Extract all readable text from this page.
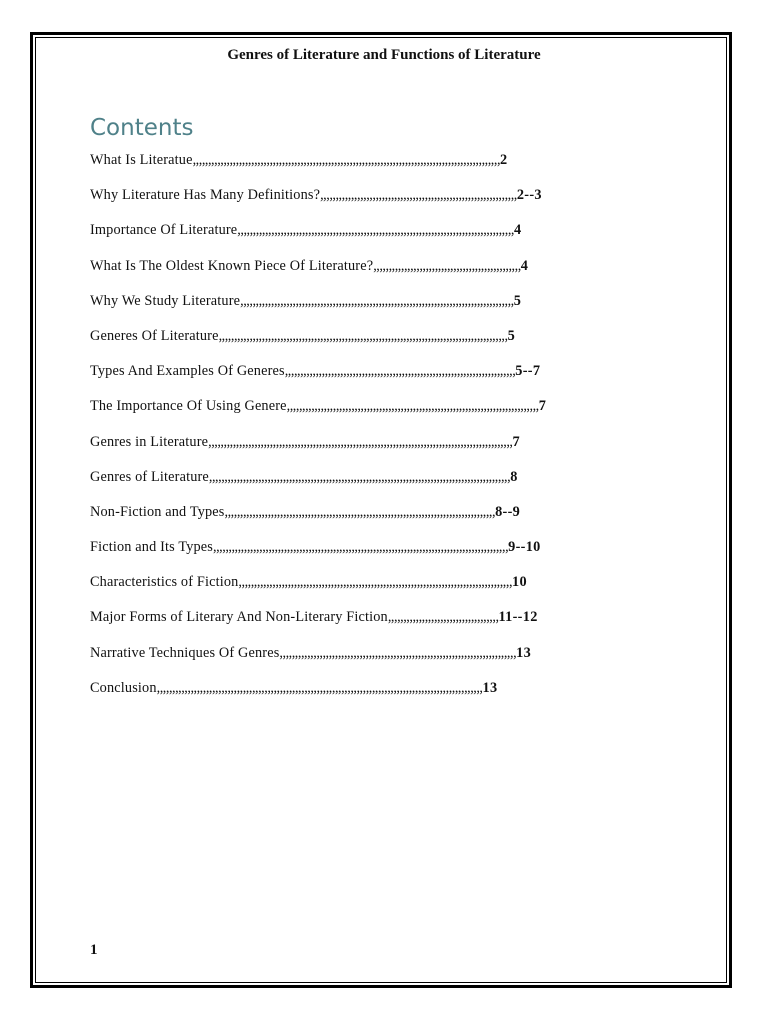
Genres of Literature and Functions of Literature
Contents
What Is Literatue,,,,,,,,,,,,,,,,,,,,,,,,,,,,,,,,,,,,,,,,,,,,,,,,,,,,,,,,,,,,,,,,,,,,,,,,,,,,,,,,,,,,,,,,,,,,,,,,,,,,2
Why Literature Has Many Definitions?,,,,,,,,,,,,,,,,,,,,,,,,,,,,,,,,,,,,,,,,,,,,,,,,,,,,,,,,,,,,,,,,2--3
Importance Of Literature,,,,,,,,,,,,,,,,,,,,,,,,,,,,,,,,,,,,,,,,,,,,,,,,,,,,,,,,,,,,,,,,,,,,,,,,,,,,,,,,,,,,,,,,,,4
What Is The Oldest Known Piece Of Literature?,,,,,,,,,,,,,,,,,,,,,,,,,,,,,,,,,,,,,,,,,,,,,,,,4
Why We Study Literature,,,,,,,,,,,,,,,,,,,,,,,,,,,,,,,,,,,,,,,,,,,,,,,,,,,,,,,,,,,,,,,,,,,,,,,,,,,,,,,,,,,,,,,,,5
Generes Of Literature,,,,,,,,,,,,,,,,,,,,,,,,,,,,,,,,,,,,,,,,,,,,,,,,,,,,,,,,,,,,,,,,,,,,,,,,,,,,,,,,,,,,,,,,,,,,,,5
Types And Examples Of Generes,,,,,,,,,,,,,,,,,,,,,,,,,,,,,,,,,,,,,,,,,,,,,,,,,,,,,,,,,,,,,,,,,,,,,,,,,,,5--7
The Importance Of Using Genere,,,,,,,,,,,,,,,,,,,,,,,,,,,,,,,,,,,,,,,,,,,,,,,,,,,,,,,,,,,,,,,,,,,,,,,,,,,,,,,,,,7
Genres in Literature,,,,,,,,,,,,,,,,,,,,,,,,,,,,,,,,,,,,,,,,,,,,,,,,,,,,,,,,,,,,,,,,,,,,,,,,,,,,,,,,,,,,,,,,,,,,,,,,,,,7
Genres of Literature,,,,,,,,,,,,,,,,,,,,,,,,,,,,,,,,,,,,,,,,,,,,,,,,,,,,,,,,,,,,,,,,,,,,,,,,,,,,,,,,,,,,,,,,,,,,,,,,,,8
Non-Fiction and Types,,,,,,,,,,,,,,,,,,,,,,,,,,,,,,,,,,,,,,,,,,,,,,,,,,,,,,,,,,,,,,,,,,,,,,,,,,,,,,,,,,,,,,,,8--9
Fiction and Its Types,,,,,,,,,,,,,,,,,,,,,,,,,,,,,,,,,,,,,,,,,,,,,,,,,,,,,,,,,,,,,,,,,,,,,,,,,,,,,,,,,,,,,,,,,,,,,,,,9--10
Characteristics of Fiction,,,,,,,,,,,,,,,,,,,,,,,,,,,,,,,,,,,,,,,,,,,,,,,,,,,,,,,,,,,,,,,,,,,,,,,,,,,,,,,,,,,,,,,,,10
Major Forms of Literary And Non-Literary Fiction,,,,,,,,,,,,,,,,,,,,,,,,,,,,,,,,,,,,11--12
Narrative Techniques Of Genres,,,,,,,,,,,,,,,,,,,,,,,,,,,,,,,,,,,,,,,,,,,,,,,,,,,,,,,,,,,,,,,,,,,,,,,,,,,,,13
Conclusion,,,,,,,,,,,,,,,,,,,,,,,,,,,,,,,,,,,,,,,,,,,,,,,,,,,,,,,,,,,,,,,,,,,,,,,,,,,,,,,,,,,,,,,,,,,,,,,,,,,,,,,,,,13
1
